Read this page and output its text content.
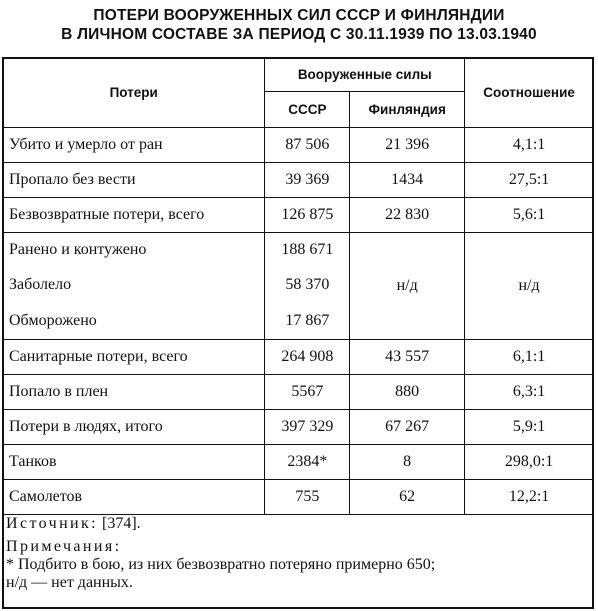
ПОТЕРИ ВООРУЖЕННЫХ СИЛ СССР И ФИНЛЯНДИИ
В ЛИЧНОМ СОСТАВЕ ЗА ПЕРИОД С 30.11.1939 ПО 13.03.1940
Потери	Вооруженные силы		Соотношение
	СССР	Финляндия	
Убито и умерло от ран	87 506	21 396	4,1:1
Пропало без вести	39 369	1434	27,5:1
Безвозвратные потери, всего	126 875	22 830	5,6:1
Ранено и контужено	188 671	н/д	н/д
Заболело	58 370		
Обморожено	17 867		
Санитарные потери, всего	264 908	43 557	6,1:1
Попало в плен	5567	880	6,3:1
Потери в людях, итого	397 329	67 267	5,9:1
Танков	2384*	8	298,0:1
Самолетов	755	62	12,2:1
Источник: [374].
Примечания:
* Подбито в бою, из них безвозвратно потеряно примерно 650;
н/д — нет данных.
